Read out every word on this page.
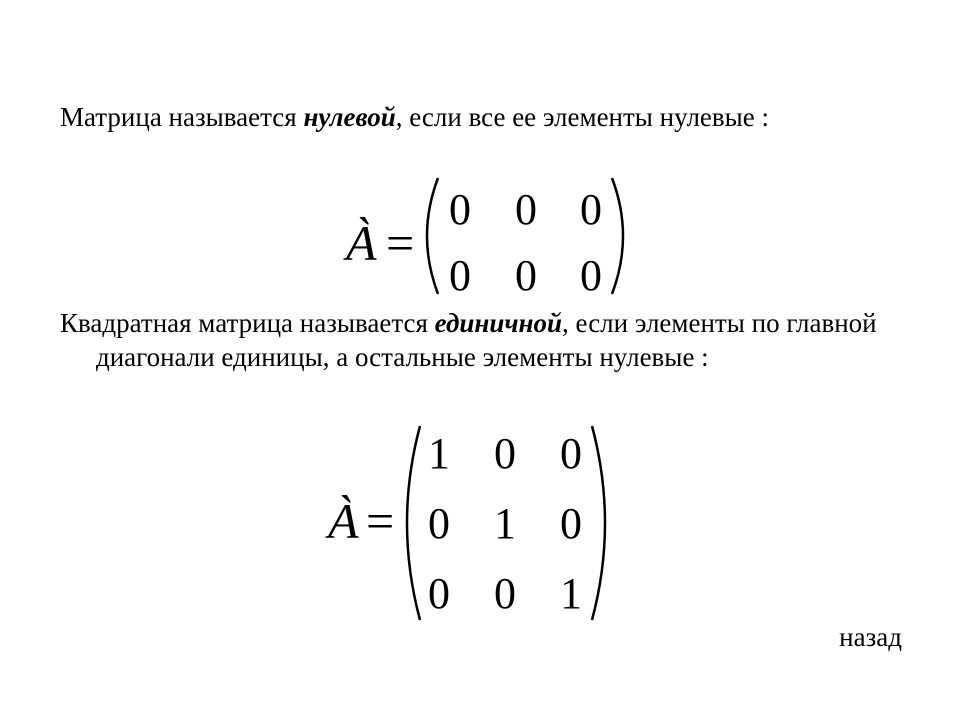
Матрица называется нулевой, если все ее элементы нулевые :

À =
0 0 0
0 0 0

Квадратная матрица называется единичной, если элементы по главной диагонали единицы, а остальные элементы нулевые :

À =
1 0 0
0 1 0
0 0 1
назад
